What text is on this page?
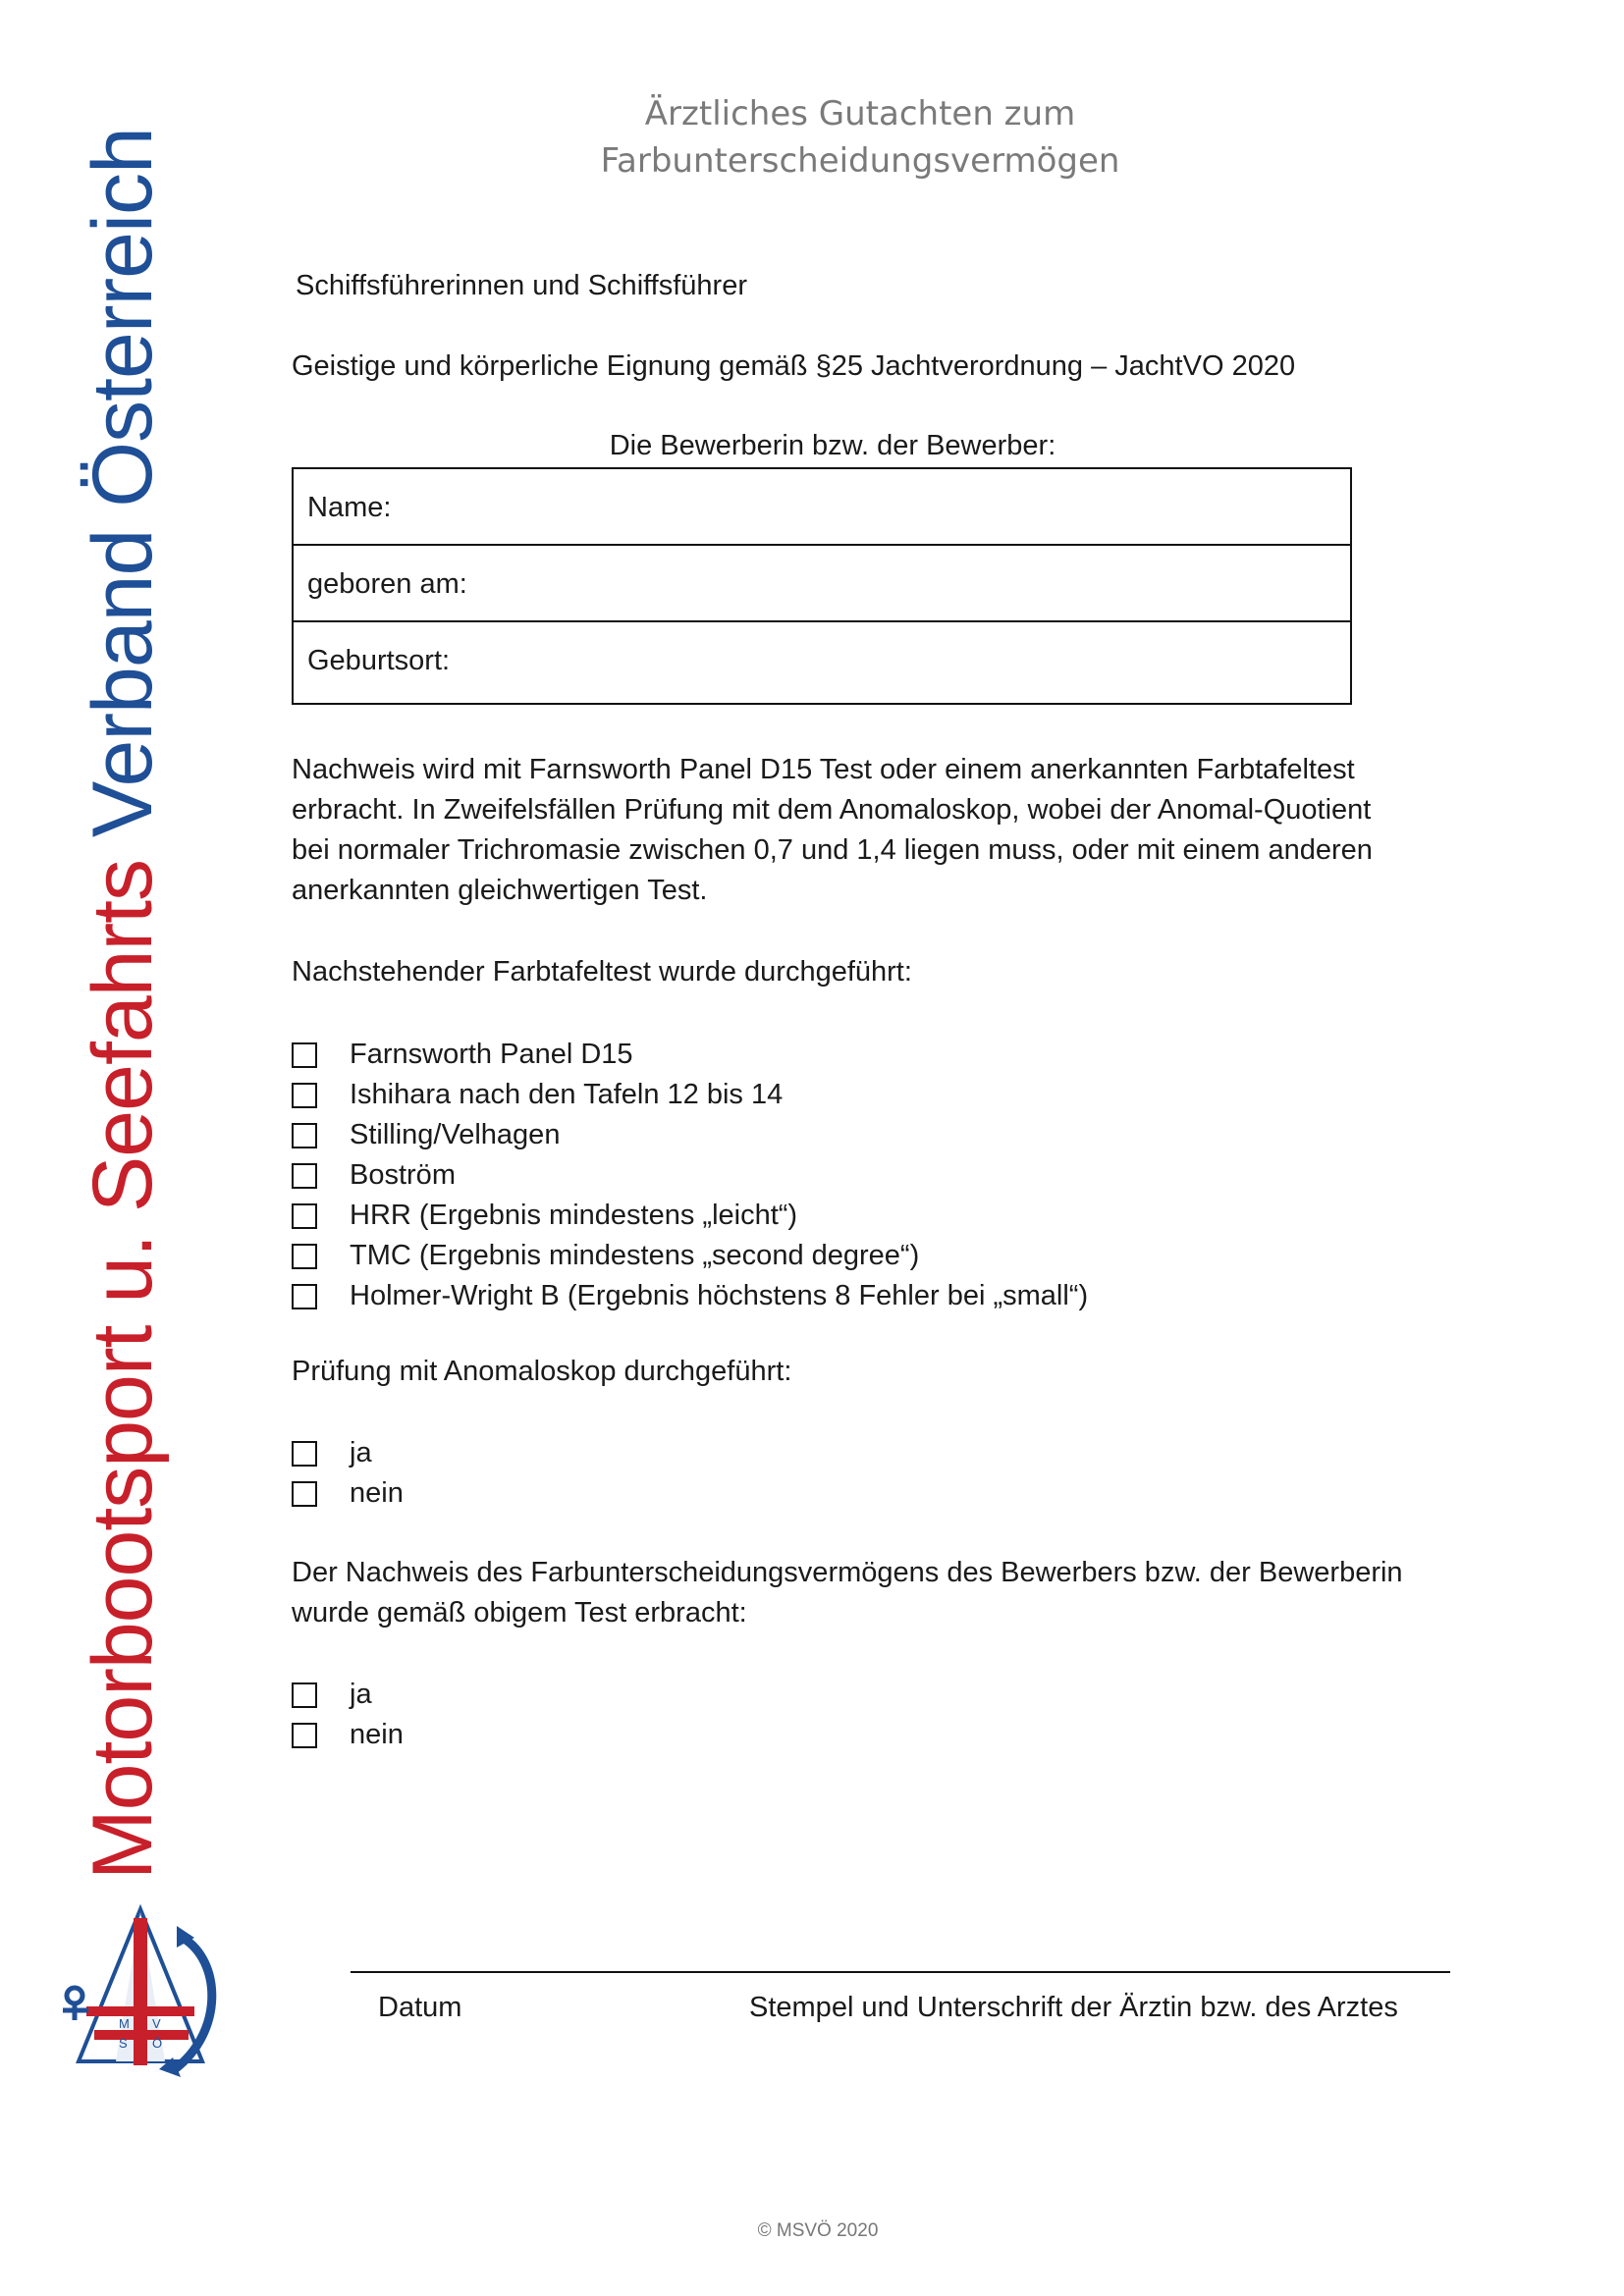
Ärztliches Gutachten zum
Farbunterscheidungsvermögen
Motorbootsport u. Seefahrts Verband Österreich
M
S
V
Ö
Schiffsführerinnen und Schiffsführer
Geistige und körperliche Eignung gemäß §25 Jachtverordnung – JachtVO 2020
Die Bewerberin bzw. der Bewerber:
Name:
geboren am:
Geburtsort:
Nachweis wird mit Farnsworth Panel D15 Test oder einem anerkannten Farbtafeltest
erbracht. In Zweifelsfällen Prüfung mit dem Anomaloskop, wobei der Anomal-Quotient
bei normaler Trichromasie zwischen 0,7 und 1,4 liegen muss, oder mit einem anderen
anerkannten gleichwertigen Test.
Nachstehender Farbtafeltest wurde durchgeführt:
Farnsworth Panel D15
Ishihara nach den Tafeln 12 bis 14
Stilling/Velhagen
Boström
HRR (Ergebnis mindestens „leicht“)
TMC (Ergebnis mindestens „second degree“)
Holmer-Wright B (Ergebnis höchstens 8 Fehler bei „small“)
Prüfung mit Anomaloskop durchgeführt:
ja
nein
Der Nachweis des Farbunterscheidungsvermögens des Bewerbers bzw. der Bewerberin
wurde gemäß obigem Test erbracht:
ja
nein
Datum	Stempel und Unterschrift der Ärztin bzw. des Arztes
© MSVÖ 2020
